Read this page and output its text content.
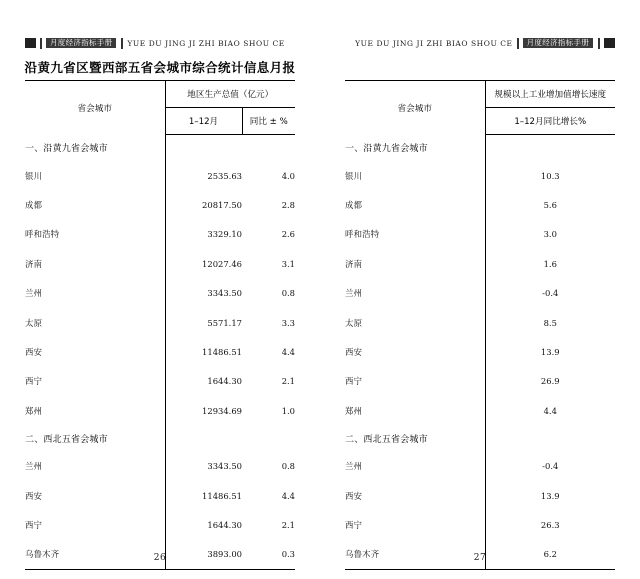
月度经济指标手册	YUE DU JING JI ZHI BIAO SHOU CE
沿黄九省区暨西部五省会城市综合统计信息月报
省会城市	地区生产总值（亿元）	
	1–12月	同比 ± %
一、沿黄九省会城市		
银川	2535.63	4.0
成都	20817.50	2.8
呼和浩特	3329.10	2.6
济南	12027.46	3.1
兰州	3343.50	0.8
太原	5571.17	3.3
西安	11486.51	4.4
西宁	1644.30	2.1
郑州	12934.69	1.0
二、西北五省会城市		
兰州	3343.50	0.8
西安	11486.51	4.4
西宁	1644.30	2.1
乌鲁木齐	3893.00	0.3
26
YUE DU JING JI ZHI BIAO SHOU CE	月度经济指标手册
省会城市	规模以上工业增加值增长速度
	1–12月同比增长%
一、沿黄九省会城市	
银川	10.3
成都	5.6
呼和浩特	3.0
济南	1.6
兰州	-0.4
太原	8.5
西安	13.9
西宁	26.9
郑州	4.4
二、西北五省会城市	
兰州	-0.4
西安	13.9
西宁	26.3
乌鲁木齐	6.2
27
